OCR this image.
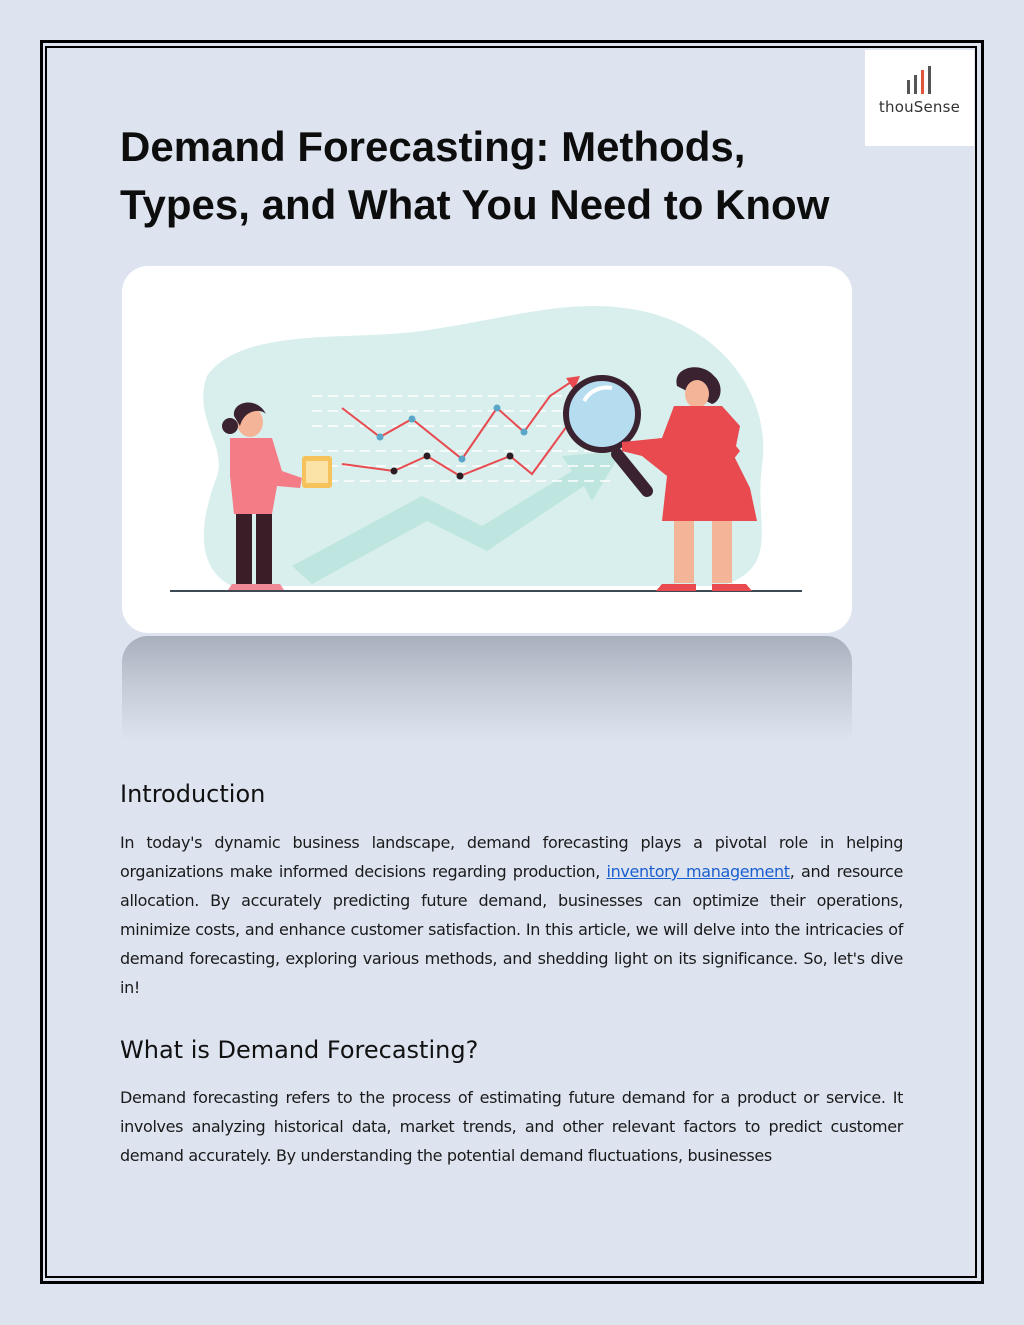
thouSense
Demand Forecasting: Methods, Types, and What You Need to Know
Introduction

In today's dynamic business landscape, demand forecasting plays a pivotal role in helping organizations make informed decisions regarding production, inventory management, and resource allocation. By accurately predicting future demand, businesses can optimize their operations, minimize costs, and enhance customer satisfaction. In this article, we will delve into the intricacies of demand forecasting, exploring various methods, and shedding light on its significance. So, let's dive in!

What is Demand Forecasting?

Demand forecasting refers to the process of estimating future demand for a product or service. It involves analyzing historical data, market trends, and other relevant factors to predict customer demand accurately. By understanding the potential demand fluctuations, businesses
